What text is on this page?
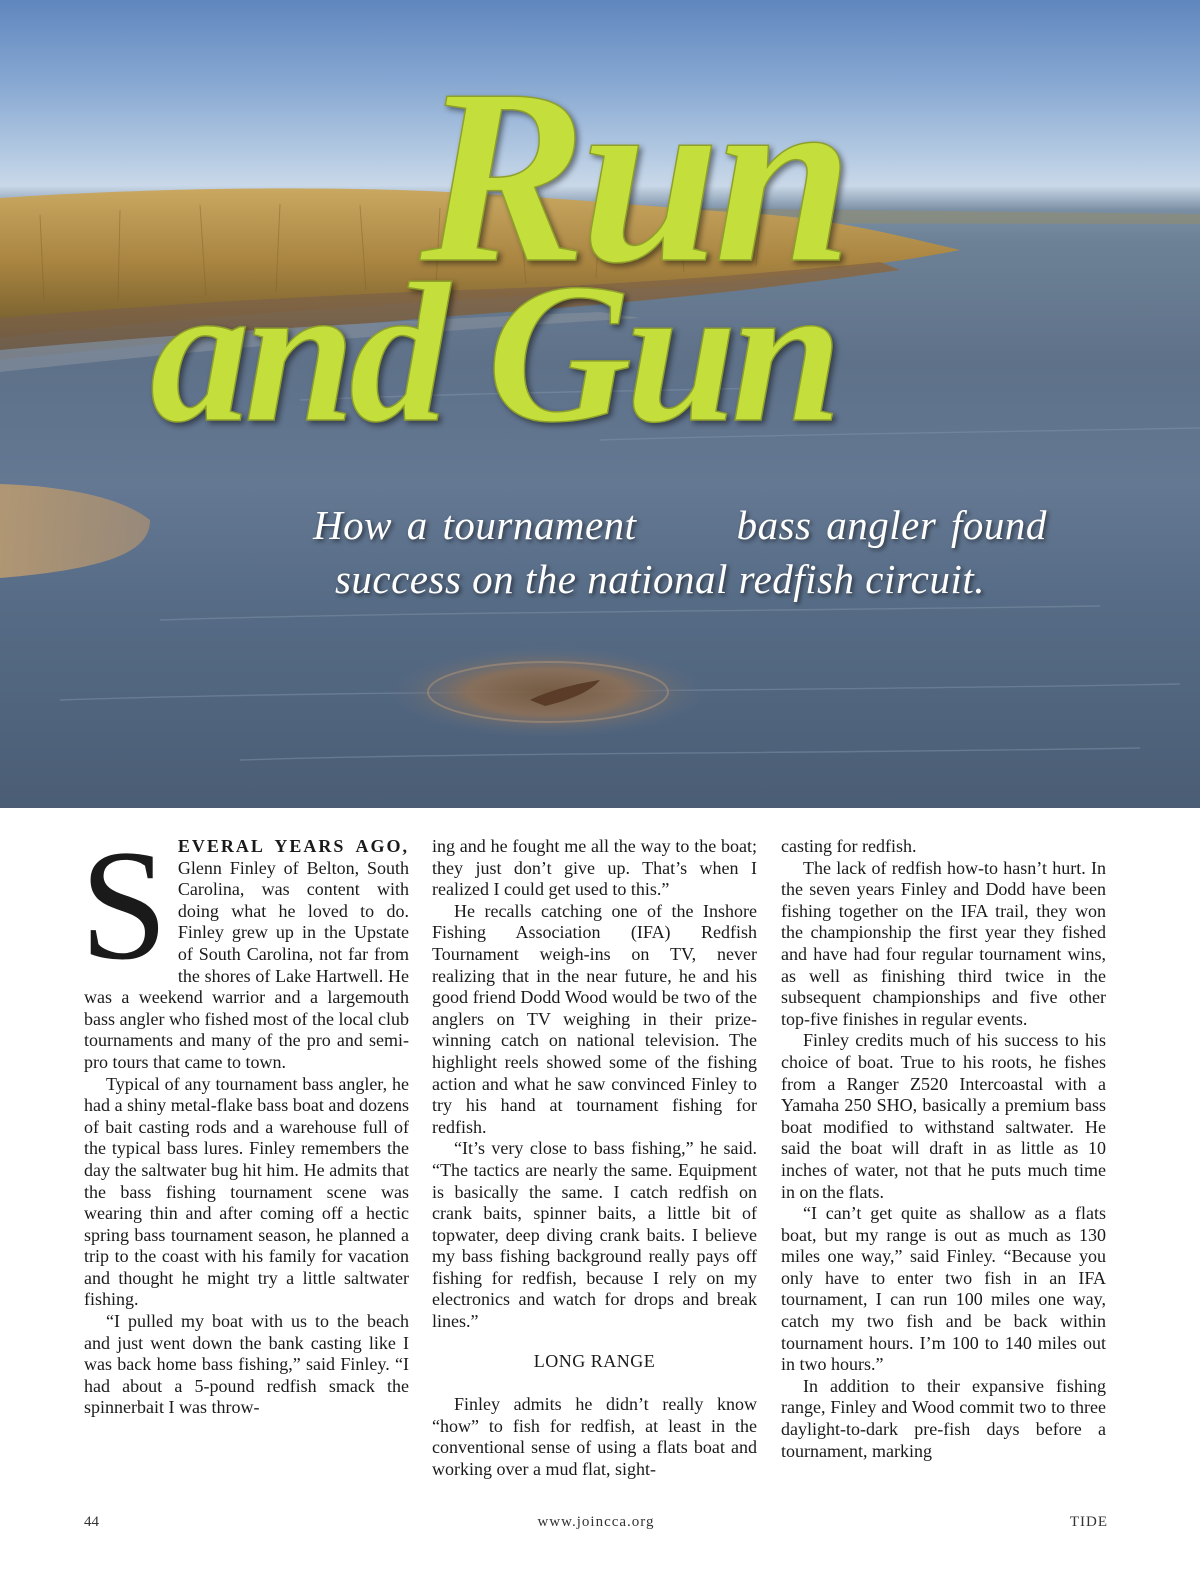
Run
and Gun
How a tournament bass angler found
success on the national redfish circuit.
S EVERAL YEARS AGO, Glenn Finley of Belton, South Carolina, was content with doing what he loved to do. Finley grew up in the Upstate of South Carolina, not far from the shores of Lake Hartwell. He was a weekend warrior and a largemouth bass angler who fished most of the local club tournaments and many of the pro and semi-pro tours that came to town.

Typical of any tournament bass angler, he had a shiny metal-flake bass boat and dozens of bait casting rods and a warehouse full of the typical bass lures. Finley remembers the day the saltwater bug hit him. He admits that the bass fishing tournament scene was wearing thin and after coming off a hectic spring bass tournament season, he planned a trip to the coast with his family for vacation and thought he might try a little saltwater fishing.

“I pulled my boat with us to the beach and just went down the bank casting like I was back home bass fishing,” said Finley. “I had about a 5-pound redfish smack the spinnerbait I was throw-

ing and he fought me all the way to the boat; they just don’t give up. That’s when I realized I could get used to this.”

He recalls catching one of the Inshore Fishing Association (IFA) Redfish Tournament weigh-ins on TV, never realizing that in the near future, he and his good friend Dodd Wood would be two of the anglers on TV weighing in their prize-winning catch on national television. The highlight reels showed some of the fishing action and what he saw convinced Finley to try his hand at tournament fishing for redfish.

“It’s very close to bass fishing,” he said. “The tactics are nearly the same. Equipment is basically the same. I catch redfish on crank baits, spinner baits, a little bit of topwater, deep diving crank baits. I believe my bass fishing background really pays off fishing for redfish, because I rely on my electronics and watch for drops and break lines.”

LONG RANGE

Finley admits he didn’t really know “how” to fish for redfish, at least in the conventional sense of using a flats boat and working over a mud flat, sight-

casting for redfish.

The lack of redfish how-to hasn’t hurt. In the seven years Finley and Dodd have been fishing together on the IFA trail, they won the championship the first year they fished and have had four regular tournament wins, as well as finishing third twice in the subsequent championships and five other top-five finishes in regular events.

Finley credits much of his success to his choice of boat. True to his roots, he fishes from a Ranger Z520 Intercoastal with a Yamaha 250 SHO, basically a premium bass boat modified to withstand saltwater. He said the boat will draft in as little as 10 inches of water, not that he puts much time in on the flats.

“I can’t get quite as shallow as a flats boat, but my range is out as much as 130 miles one way,” said Finley. “Because you only have to enter two fish in an IFA tournament, I can run 100 miles one way, catch my two fish and be back within tournament hours. I’m 100 to 140 miles out in two hours.”

In addition to their expansive fishing range, Finley and Wood commit two to three daylight-to-dark pre-fish days before a tournament, marking

44	www.joincca.org	TIDE
